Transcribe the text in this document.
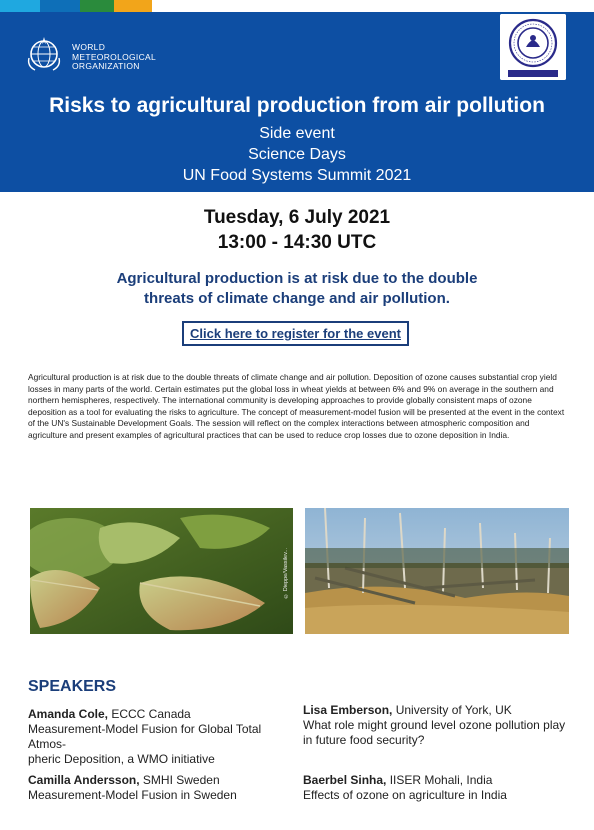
WORLD
METEOROLOGICAL
ORGANIZATION
Risks to agricultural production from air pollution
Side event
Science Days
UN Food Systems Summit 2021
Tuesday, 6 July 2021
13:00 - 14:30 UTC
Agricultural production is at risk due to the double
threats of climate change and air pollution.
Click here to register for the event
Agricultural production is at risk due to the double threats of climate change and air pollution. Deposition of ozone causes substantial crop yield losses in many parts of the world. Certain estimates put the global loss in wheat yields at between 6% and 9% on average in the southern and northern hemispheres, respectively. The international community is developing approaches to provide globally consistent maps of ozone deposition as a tool for evaluating the risks to agriculture. The concept of measurement-model fusion will be presented at the event in the context of the UN's Sustainable Development Goals. The session will reflect on the complex interactions between atmospheric composition and agriculture and present examples of agricultural practices that can be used to reduce crop losses due to ozone deposition in India.
© Dieppe/Vassilev...
SPEAKERS
Amanda Cole, ECCC Canada
Measurement-Model Fusion for Global Total Atmos-
pheric Deposition, a WMO initiative
Lisa Emberson, University of York, UK
What role might ground level ozone pollution play
in future food security?
Camilla Andersson, SMHI Sweden
Measurement-Model Fusion in Sweden
Baerbel Sinha, IISER Mohali, India
Effects of ozone on agriculture in India
